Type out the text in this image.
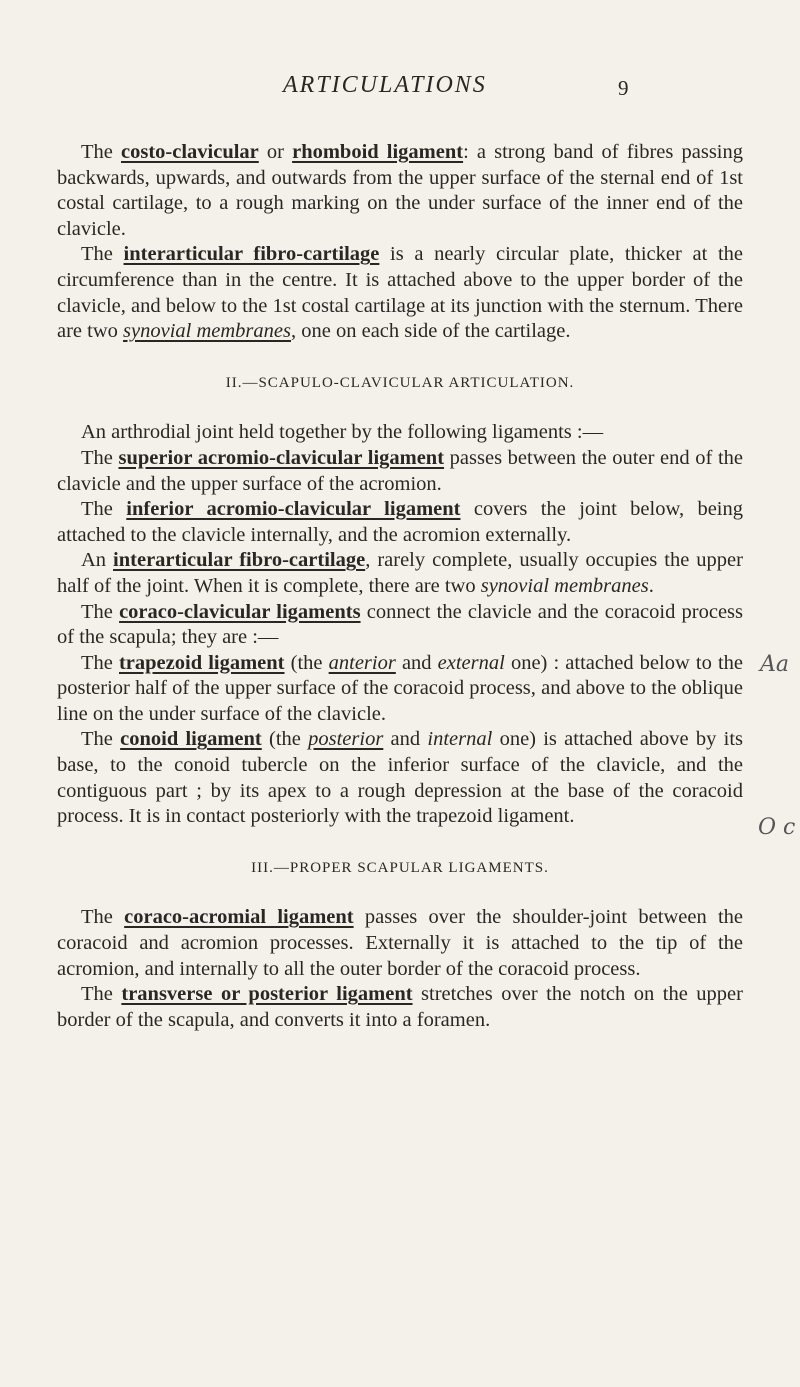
ARTICULATIONS	9

The costo-clavicular or rhomboid ligament: a strong band of fibres passing backwards, upwards, and outwards from the upper surface of the sternal end of 1st costal cartilage, to a rough marking on the under surface of the inner end of the clavicle.

The interarticular fibro-cartilage is a nearly circular plate, thicker at the circumference than in the centre. It is attached above to the upper border of the clavicle, and below to the 1st costal cartilage at its junction with the sternum. There are two synovial membranes, one on each side of the cartilage.

II.—SCAPULO-CLAVICULAR ARTICULATION.

An arthrodial joint held together by the following ligaments :—

The superior acromio-clavicular ligament passes between the outer end of the clavicle and the upper surface of the acromion.

The inferior acromio-clavicular ligament covers the joint below, being attached to the clavicle internally, and the acromion externally.

An interarticular fibro-cartilage, rarely complete, usually occupies the upper half of the joint. When it is complete, there are two synovial membranes.

The coraco-clavicular ligaments connect the clavicle and the coracoid process of the scapula; they are :—

The trapezoid ligament (the anterior and external one) : attached below to the posterior half of the upper surface of the coracoid process, and above to the oblique line on the under surface of the clavicle.

The conoid ligament (the posterior and internal one) is attached above by its base, to the conoid tubercle on the inferior surface of the clavicle, and the contiguous part ; by its apex to a rough depression at the base of the coracoid process. It is in contact posteriorly with the trapezoid ligament.

III.—PROPER SCAPULAR LIGAMENTS.

The coraco-acromial ligament passes over the shoulder-joint between the coracoid and acromion processes. Externally it is attached to the tip of the acromion, and internally to all the outer border of the coracoid process.

The transverse or posterior ligament stretches over the notch on the upper border of the scapula, and converts it into a foramen.

Aa
O c
